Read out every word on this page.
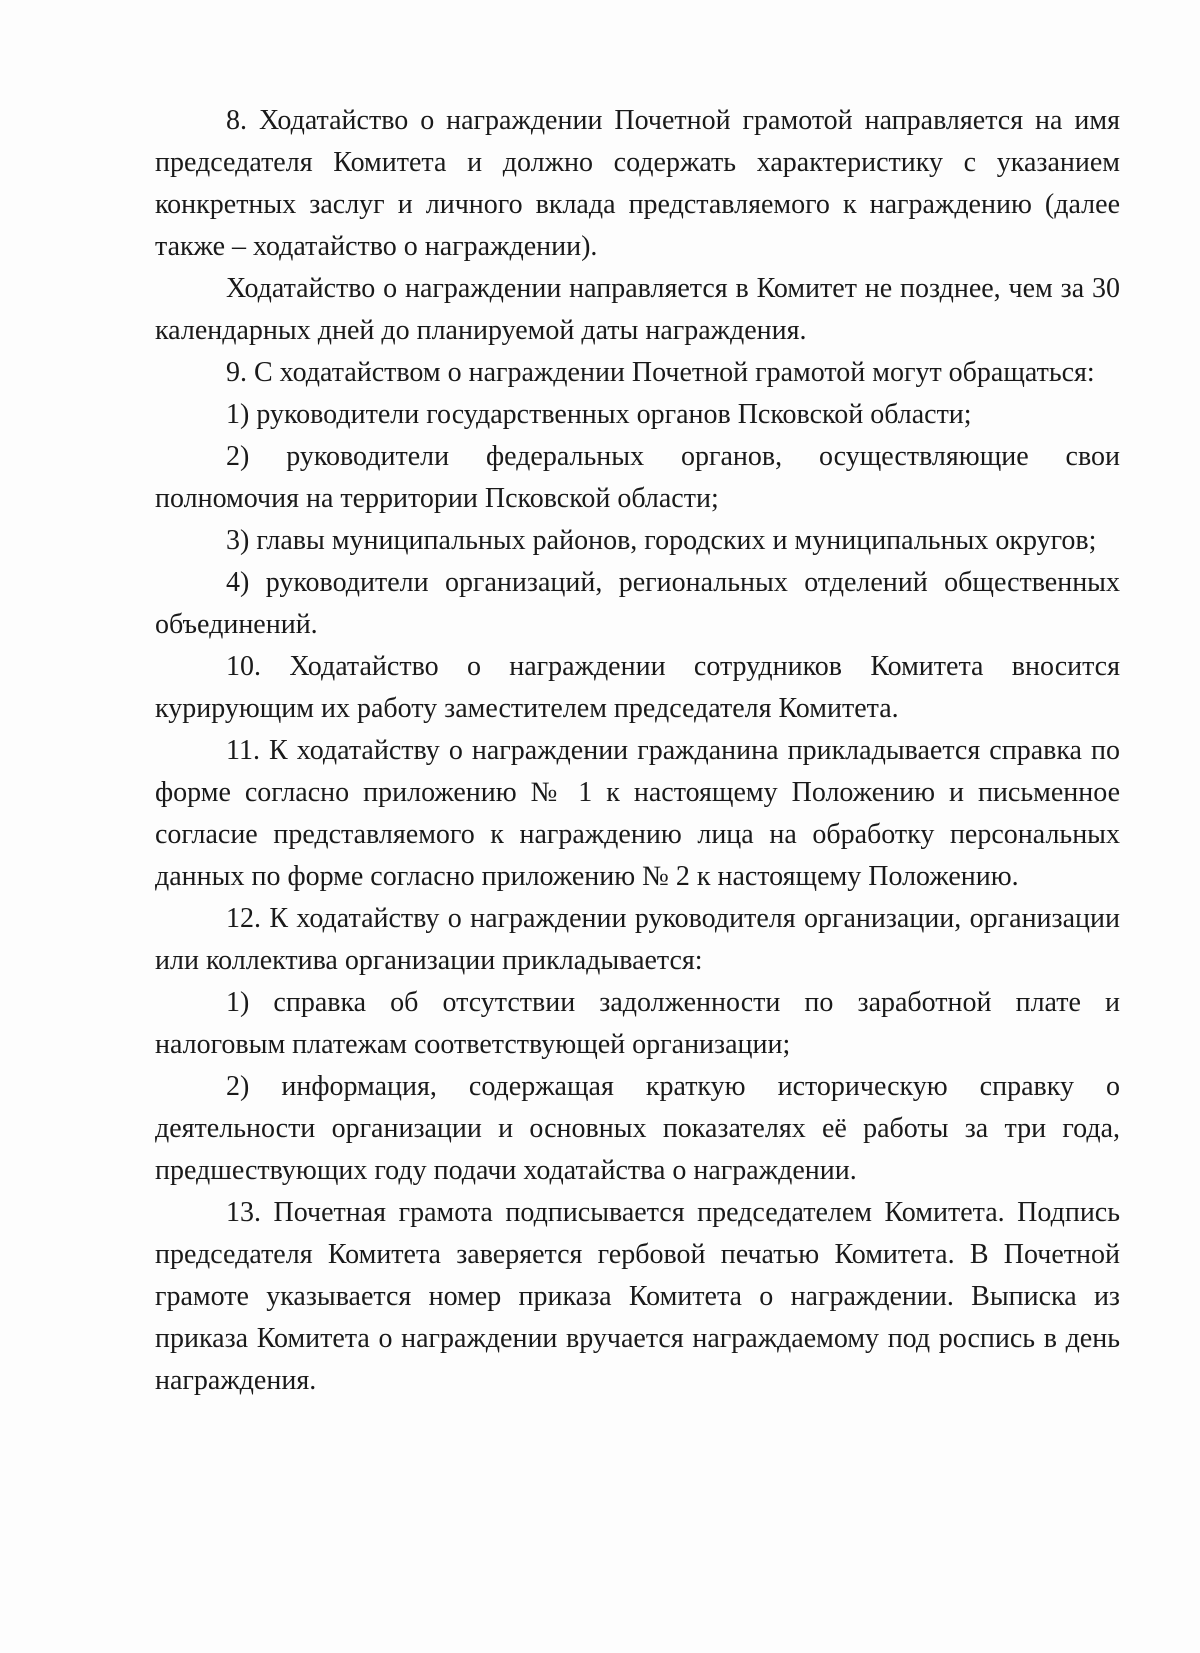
8. Ходатайство о награждении Почетной грамотой направляется на имя председателя Комитета и должно содержать характеристику с указанием конкретных заслуг и личного вклада представляемого к награждению (далее также – ходатайство о награждении).

Ходатайство о награждении направляется в Комитет не позднее, чем за 30 календарных дней до планируемой даты награждения.

9. С ходатайством о награждении Почетной грамотой могут обращаться:

1) руководители государственных органов Псковской области;

2) руководители федеральных органов, осуществляющие свои полномочия на территории Псковской области;

3) главы муниципальных районов, городских и муниципальных округов;

4) руководители организаций, региональных отделений общественных объединений.

10. Ходатайство о награждении сотрудников Комитета вносится курирующим их работу заместителем председателя Комитета.

11. К ходатайству о награждении гражданина прикладывается справка по форме согласно приложению № 1 к настоящему Положению и письменное согласие представляемого к награждению лица на обработку персональных данных по форме согласно приложению № 2 к настоящему Положению.

12. К ходатайству о награждении руководителя организации, организации или коллектива организации прикладывается:

1) справка об отсутствии задолженности по заработной плате и налоговым платежам соответствующей организации;

2) информация, содержащая краткую историческую справку о деятельности организации и основных показателях её работы за три года, предшествующих году подачи ходатайства о награждении.

13. Почетная грамота подписывается председателем Комитета. Подпись председателя Комитета заверяется гербовой печатью Комитета. В Почетной грамоте указывается номер приказа Комитета о награждении. Выписка из приказа Комитета о награждении вручается награждаемому под роспись в день награждения.
